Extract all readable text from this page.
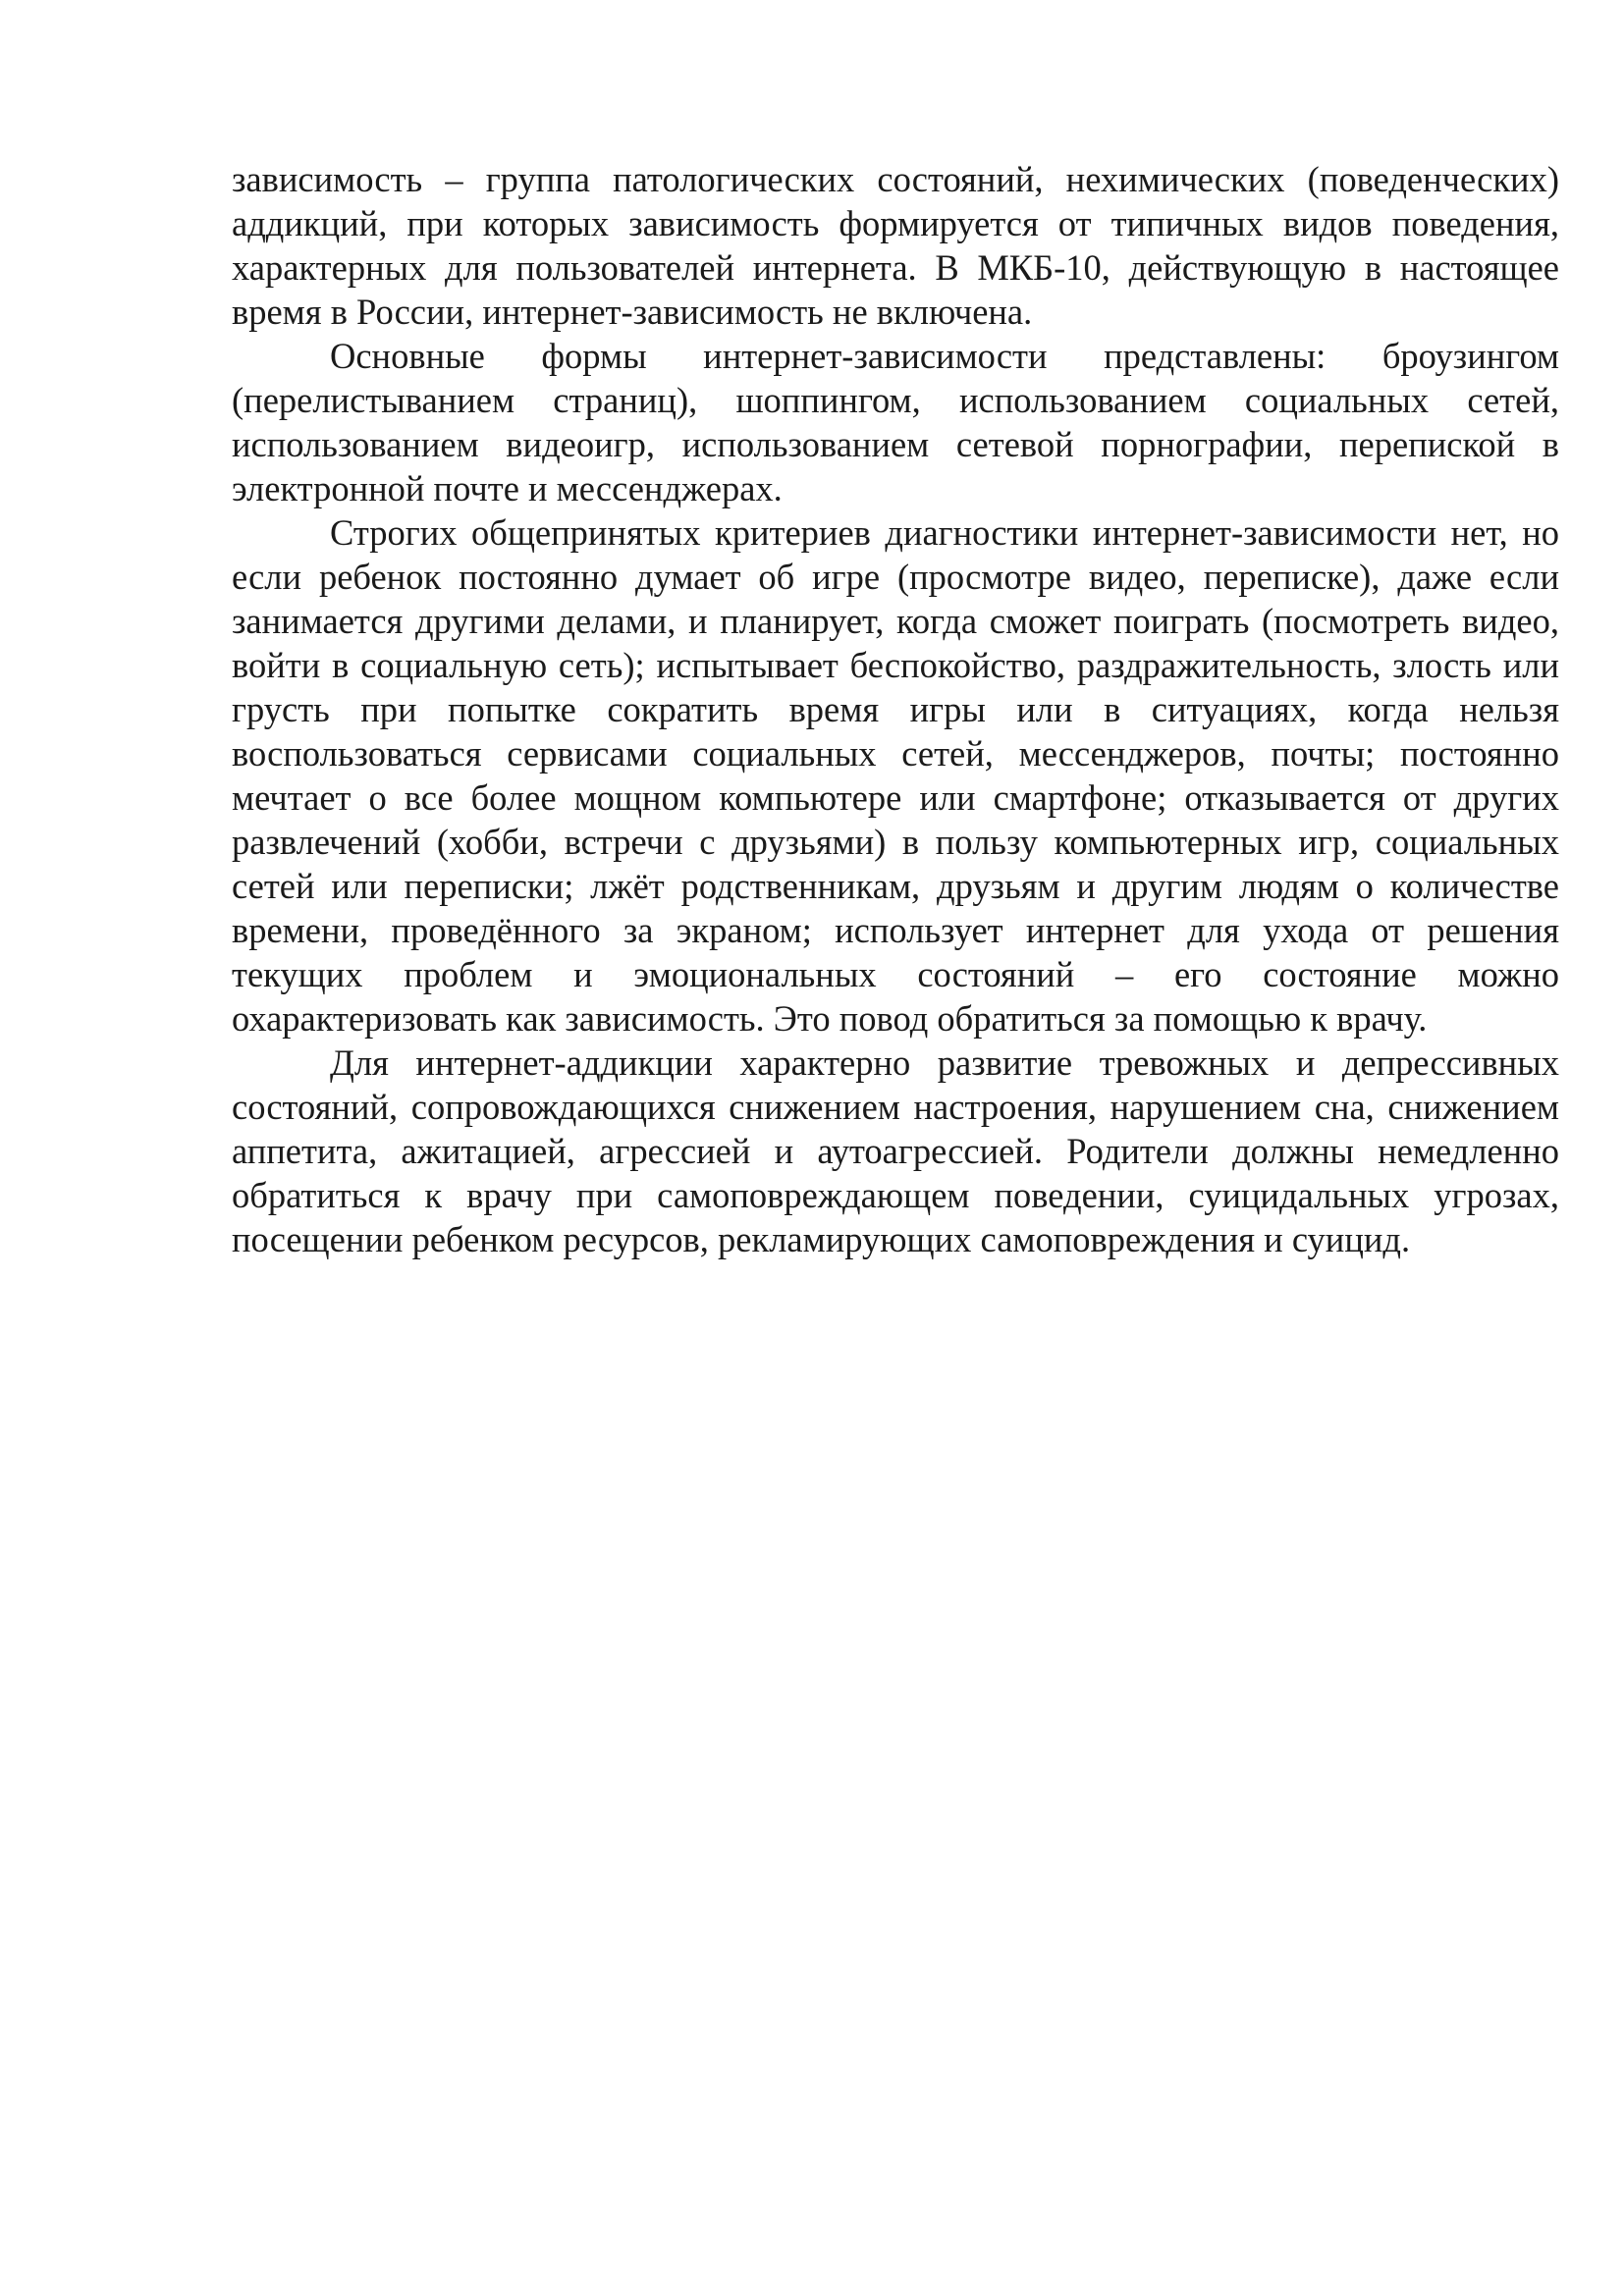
зависимость – группа патологических состояний, нехимических (поведенческих) аддикций, при которых зависимость формируется от типичных видов поведения, характерных для пользователей интернета. В МКБ-10, действующую в настоящее время в России, интернет-зависимость не включена.

Основные формы интернет-зависимости представлены: броузингом (перелистыванием страниц), шоппингом, использованием социальных сетей, использованием видеоигр, использованием сетевой порнографии, перепиской в электронной почте и мессенджерах.

Строгих общепринятых критериев диагностики интернет-зависимости нет, но если ребенок постоянно думает об игре (просмотре видео, переписке), даже если занимается другими делами, и планирует, когда сможет поиграть (посмотреть видео, войти в социальную сеть); испытывает беспокойство, раздражительность, злость или грусть при попытке сократить время игры или в ситуациях, когда нельзя воспользоваться сервисами социальных сетей, мессенджеров, почты; постоянно мечтает о все более мощном компьютере или смартфоне; отказывается от других развлечений (хобби, встречи с друзьями) в пользу компьютерных игр, социальных сетей или переписки; лжёт родственникам, друзьям и другим людям о количестве времени, проведённого за экраном; использует интернет для ухода от решения текущих проблем и эмоциональных состояний – его состояние можно охарактеризовать как зависимость. Это повод обратиться за помощью к врачу.

Для интернет-аддикции характерно развитие тревожных и депрессивных состояний, сопровождающихся снижением настроения, нарушением сна, снижением аппетита, ажитацией, агрессией и аутоагрессией. Родители должны немедленно обратиться к врачу при самоповреждающем поведении, суицидальных угрозах, посещении ребенком ресурсов, рекламирующих самоповреждения и суицид.
